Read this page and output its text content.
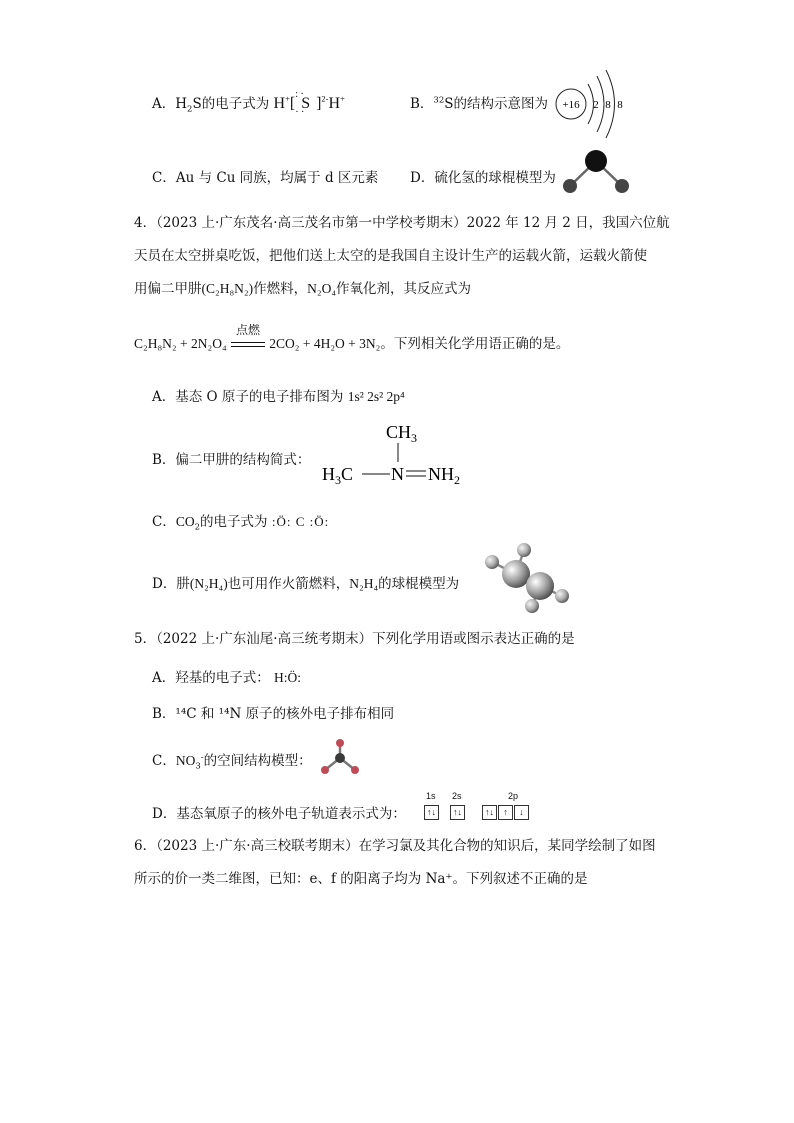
A．$H_2S$的电子式为 H+[
: ·
S
· ·
]$^{2-}$H+	B．$^{32}$S的结构示意图为 +16 2 8 8
C．Au 与 Cu 同族，均属于 d 区元素 D．硫化氢的球棍模型为
4．（2023 上·广东茂名·高三茂名市第一中学校考期末）2022 年 12 月 2 日，我国六位航
天员在太空拼桌吃饭，把他们送上太空的是我国自主设计生产的运载火箭，运载火箭使
用偏二甲肼(C₂H₈N₂)作燃料，N₂O₄作氧化剂，其反应式为
C₂H₈N₂ + 2N₂O₄
点燃
2CO₂ + 4H₂O + 3N₂。下列相关化学用语正确的是。
A．基态 O 原子的电子排布图为 1s² 2s² 2p⁴
B．偏二甲肼的结构简式：
$CH_3$
$H_3C$ N $NH_2$
C．$CO_2$的电子式为 :Ö: C :Ö:
D．肼(N₂H₄)也可用作火箭燃料，N₂H₄的球棍模型为
5．（2022 上·广东汕尾·高三统考期末）下列化学用语或图示表达正确的是
A．羟基的电子式： H:Ö:
B．¹⁴C 和 ¹⁴N 原子的核外电子排布相同
C．$NO_3^-$的空间结构模型：
D．基态氧原子的核外电子轨道表示式为：
1s 2s	2p
↑↓	↑↓	↑↓	↑	↓
6．（2023 上·广东·高三校联考期末）在学习氯及其化合物的知识后，某同学绘制了如图
所示的价一类二维图，已知：e、f 的阳离子均为 Na⁺。下列叙述不正确的是
